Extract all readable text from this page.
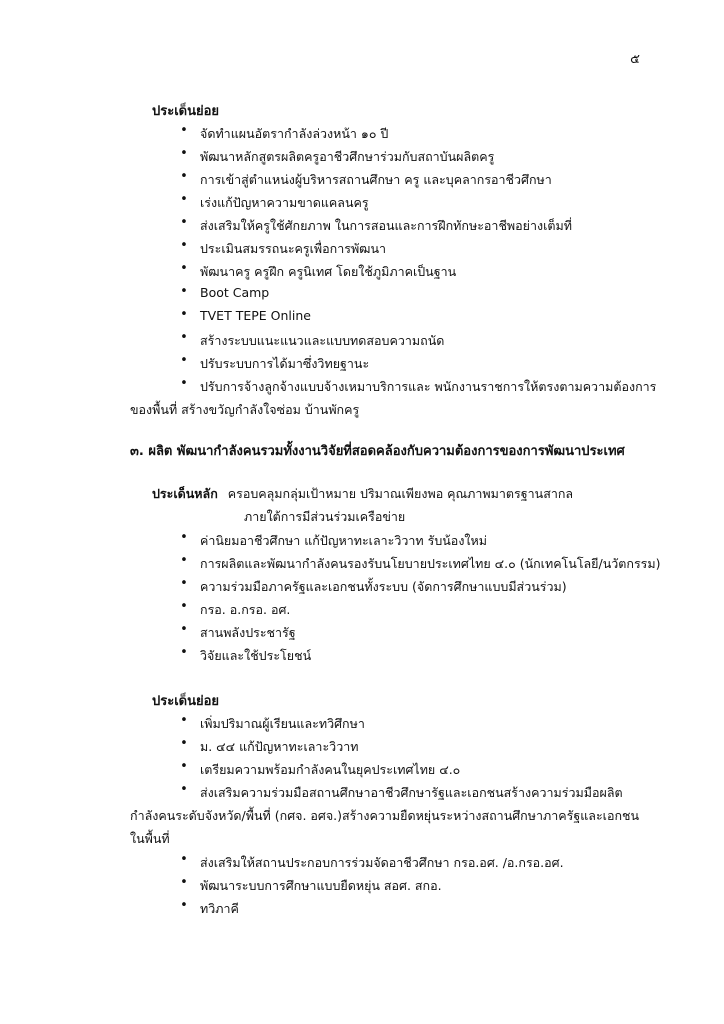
๕
ประเด็นย่อย
• จัดทำแผนอัตรากำลังล่วงหน้า ๑๐ ปี
• พัฒนาหลักสูตรผลิตครูอาชีวศึกษาร่วมกับสถาบันผลิตครู
• การเข้าสู่ตำแหน่งผู้บริหารสถานศึกษา ครู และบุคลากรอาชีวศึกษา
• เร่งแก้ปัญหาความขาดแคลนครู
• ส่งเสริมให้ครูใช้ศักยภาพ ในการสอนและการฝึกทักษะอาชีพอย่างเต็มที่
• ประเมินสมรรถนะครูเพื่อการพัฒนา
• พัฒนาครู ครูฝึก ครูนิเทศ โดยใช้ภูมิภาคเป็นฐาน
• Boot Camp
• TVET TEPE Online
• สร้างระบบแนะแนวและแบบทดสอบความถนัด
• ปรับระบบการได้มาซึ่งวิทยฐานะ
• ปรับการจ้างลูกจ้างแบบจ้างเหมาบริการและ พนักงานราชการให้ตรงตามความต้องการ
ของพื้นที่ สร้างขวัญกำลังใจซ่อม บ้านพักครู
๓. ผลิต พัฒนากำลังคนรวมทั้งงานวิจัยที่สอดคล้องกับความต้องการของการพัฒนาประเทศ
ประเด็นหลัก ครอบคลุมกลุ่มเป้าหมาย ปริมาณเพียงพอ คุณภาพมาตรฐานสากล
ภายใต้การมีส่วนร่วมเครือข่าย
• ค่านิยมอาชีวศึกษา แก้ปัญหาทะเลาะวิวาท รับน้องใหม่
• การผลิตและพัฒนากำลังคนรองรับนโยบายประเทศไทย ๔.๐ (นักเทคโนโลยี/นวัตกรรม)
• ความร่วมมือภาครัฐและเอกชนทั้งระบบ (จัดการศึกษาแบบมีส่วนร่วม)
• กรอ. อ.กรอ. อศ.
• สานพลังประชารัฐ
• วิจัยและใช้ประโยชน์
ประเด็นย่อย
• เพิ่มปริมาณผู้เรียนและทวิศึกษา
• ม. ๔๔ แก้ปัญหาทะเลาะวิวาท
• เตรียมความพร้อมกำลังคนในยุคประเทศไทย ๔.๐
• ส่งเสริมความร่วมมือสถานศึกษาอาชีวศึกษารัฐและเอกชนสร้างความร่วมมือผลิต
กำลังคนระดับจังหวัด/พื้นที่ (กศจ. อศจ.)สร้างความยืดหยุ่นระหว่างสถานศึกษาภาครัฐและเอกชน
ในพื้นที่
• ส่งเสริมให้สถานประกอบการร่วมจัดอาชีวศึกษา กรอ.อศ. /อ.กรอ.อศ.
• พัฒนาระบบการศึกษาแบบยืดหยุ่น สอศ. สกอ.
• ทวิภาคี
